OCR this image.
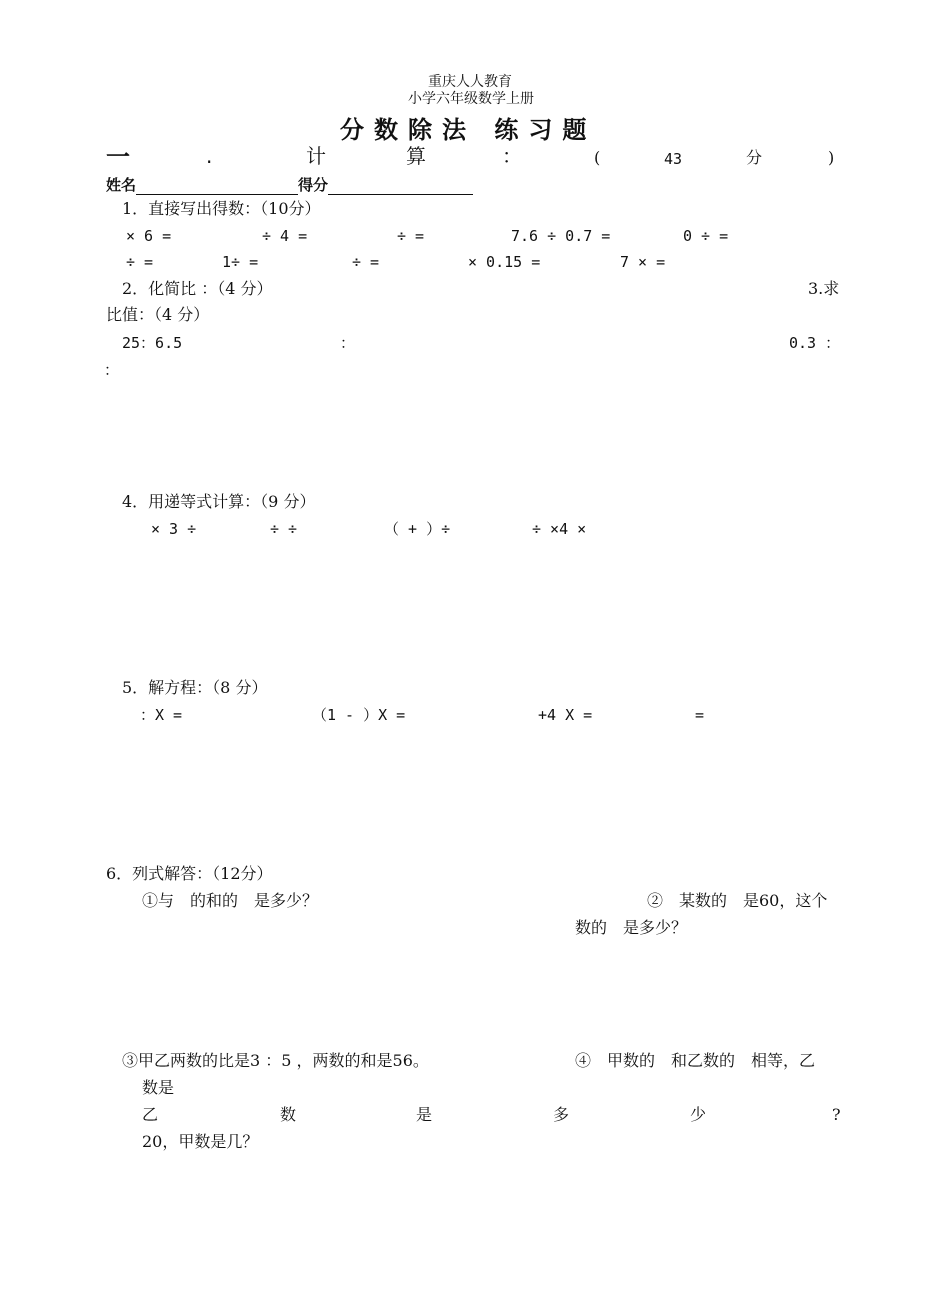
重庆人人教育
小学六年级数学上册
分数除法 练习题
一	.	计	算	：	(	43	分	)
姓名	得分
1．直接写出得数：（10分）
× 6 =	÷ 4 =	÷ =	7.6 ÷ 0.7 =	0 ÷ =
÷ =	1÷ =	÷ =	× 0.15 =	7 × =
2．化简比 ：（4 分）	3.求
比值：（4 分）
25：6.5	：	0.3 ：
：
4．用递等式计算：（9 分）
× 3 ÷	÷ ÷	（ + ）÷	÷ ×4 ×
5．解方程：（8 分）
：X =	（1 - ）X =	+4 X =	=
6．列式解答：（12分）
①与　的和的　是多少？	②　某数的　是60，这个
数的　是多少？
③甲乙两数的比是3 ：5 ，两数的和是56。	④　甲数的　和乙数的　相等，乙
数是
乙	数	是	多	少	?
20，甲数是几？
